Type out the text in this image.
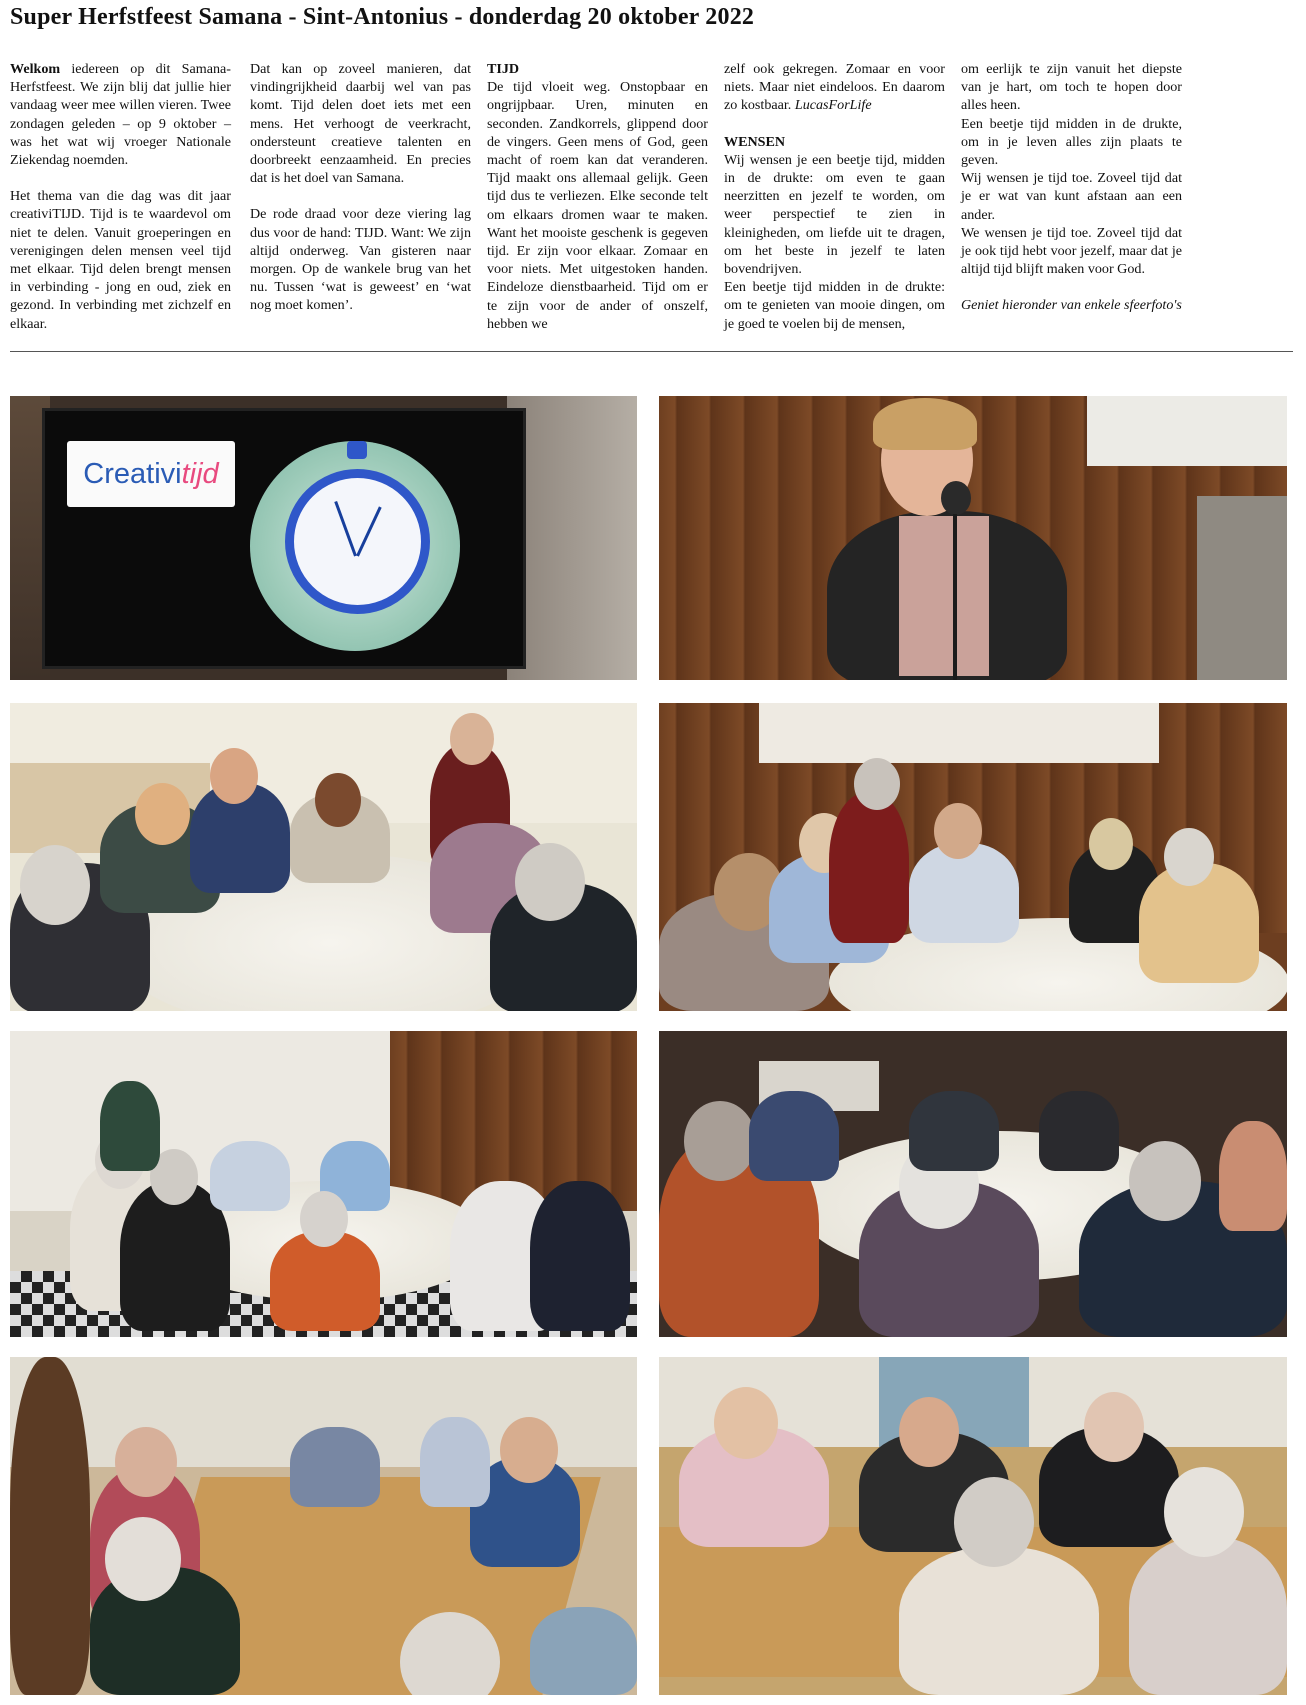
Super Herfstfeest Samana - Sint-Antonius - donderdag 20 oktober 2022

Welkom iedereen op dit Samana-Herfstfeest. We zijn blij dat jullie hier vandaag weer mee willen vieren. Twee zondagen geleden – op 9 oktober – was het wat wij vroeger Nationale Ziekendag noemden.

Het thema van die dag was dit jaar creativiTIJD. Tijd is te waardevol om niet te delen. Vanuit groeperingen en verenigingen delen mensen veel tijd met elkaar. Tijd delen brengt mensen in verbinding - jong en oud, ziek en gezond. In verbinding met zichzelf en elkaar.

Dat kan op zoveel manieren, dat vindingrijkheid daarbij wel van pas komt. Tijd delen doet iets met een mens. Het verhoogt de veerkracht, ondersteunt creatieve talenten en doorbreekt eenzaamheid. En precies dat is het doel van Samana.

De rode draad voor deze viering lag dus voor de hand: TIJD. Want: We zijn altijd onderweg. Van gisteren naar morgen. Op de wankele brug van het nu. Tussen ‘wat is geweest’ en ‘wat nog moet komen’.

TIJD

De tijd vloeit weg. Onstopbaar en ongrijpbaar. Uren, minuten en seconden. Zandkorrels, glippend door de vingers. Geen mens of God, geen macht of roem kan dat veranderen. Tijd maakt ons allemaal gelijk. Geen tijd dus te verliezen. Elke seconde telt om elkaars dromen waar te maken. Want het mooiste geschenk is gegeven tijd. Er zijn voor elkaar. Zomaar en voor niets. Met uitgestoken handen. Eindeloze dienstbaarheid. Tijd om er te zijn voor de ander of onszelf, hebben we

zelf ook gekregen. Zomaar en voor niets. Maar niet eindeloos. En daarom zo kostbaar. LucasForLife

WENSEN

Wij wensen je een beetje tijd, midden in de drukte: om even te gaan neerzitten en jezelf te worden, om weer perspectief te zien in kleinigheden, om liefde uit te dragen, om het beste in jezelf te laten bovendrijven.

Een beetje tijd midden in de drukte: om te genieten van mooie dingen, om je goed te voelen bij de mensen,

om eerlijk te zijn vanuit het diepste van je hart, om toch te hopen door alles heen.

Een beetje tijd midden in de drukte, om in je leven alles zijn plaats te geven.

Wij wensen je tijd toe. Zoveel tijd dat je er wat van kunt afstaan aan een ander.

We wensen je tijd toe. Zoveel tijd dat je ook tijd hebt voor jezelf, maar dat je altijd tijd blijft maken voor God.

Geniet hieronder van enkele sfeerfoto's

Creativitijd
